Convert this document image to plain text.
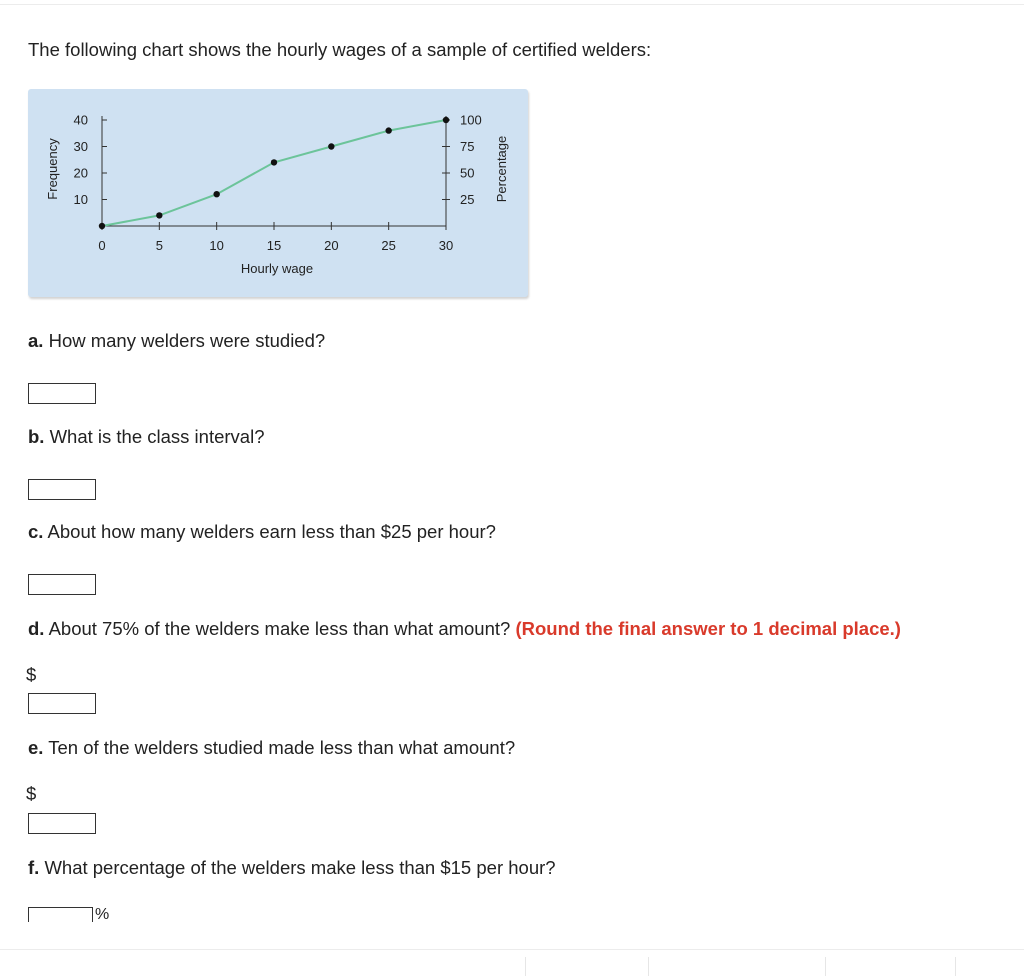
The following chart shows the hourly wages of a sample of certified welders:
10
20
30
40
25
50
75
100
0	5	10	15	20	25	30
Hourly wage
Frequency	Percentage
a. How many welders were studied?
b. What is the class interval?
c. About how many welders earn less than $25 per hour?
d. About 75% of the welders make less than what amount? (Round the final answer to 1 decimal place.)
$
e. Ten of the welders studied made less than what amount?
$
f. What percentage of the welders make less than $15 per hour?
%
